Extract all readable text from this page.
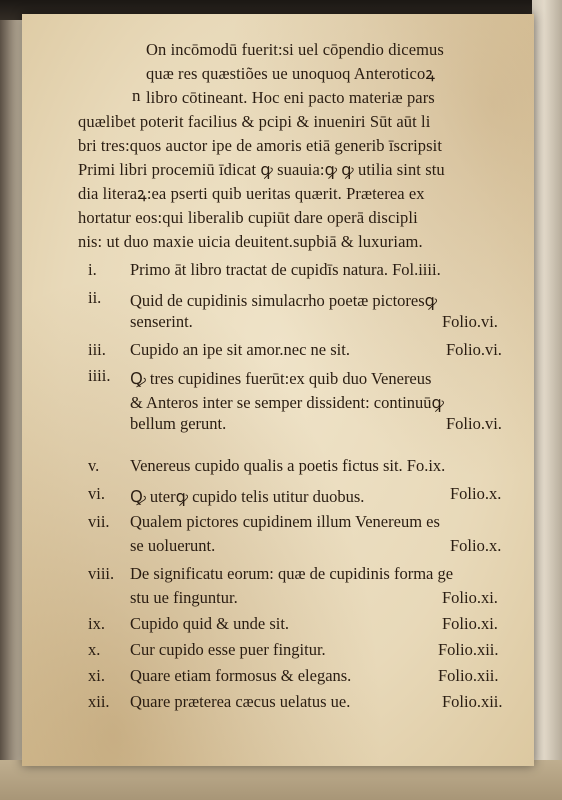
n
On incōmodū fuerit:si uel cōpendio dicemus
quæ res quæstiões ue unoquoq Anteroticoꝝ
libro cōtineant. Hoc eni pacto materiæ pars
quælibet poterit facilius & pcipi & inueniri Sūt aūt li
bri tres:quos auctor ipe de amoris etiā generib īscripsit
Primi libri procemiū īdicat ꝙ suauia:ꝙ ꝙ utilia sint stu
dia literaꝝ:ea pserti quib ueritas quærit. Præterea ex
hortatur eos:qui liberalib cupiūt dare operā discipli
nis: ut duo maxie uicia deuitent.supbiā & luxuriam.
i. Primo āt libro tractat de cupidīs natura. Fol.iiii.
ii. Quid de cupidinis simulacrho poetæ pictoresꝙ
senserint.	Folio.vi.
iii. Cupido an ipe sit amor.nec ne sit.	Folio.vi.
iiii. Ꝙ tres cupidines fuerūt:ex quib duo Venereus
& Anteros inter se semper dissident: continuūꝙ
bellum gerunt.	Folio.vi.
v. Venereus cupido qualis a poetis fictus sit. Fo.ix.
vi. Ꝙ uterꝙ cupido telis utitur duobus.	Folio.x.
vii. Qualem pictores cupidinem illum Venereum es
se uoluerunt.	Folio.x.
viii. De significatu eorum: quæ de cupidinis forma ge
stu ue finguntur.	Folio.xi.
ix. Cupido quid & unde sit.	Folio.xi.
x. Cur cupido esse puer fingitur.	Folio.xii.
xi. Quare etiam formosus & elegans.	Folio.xii.
xii. Quare præterea cæcus uelatus ue.	Folio.xii.
